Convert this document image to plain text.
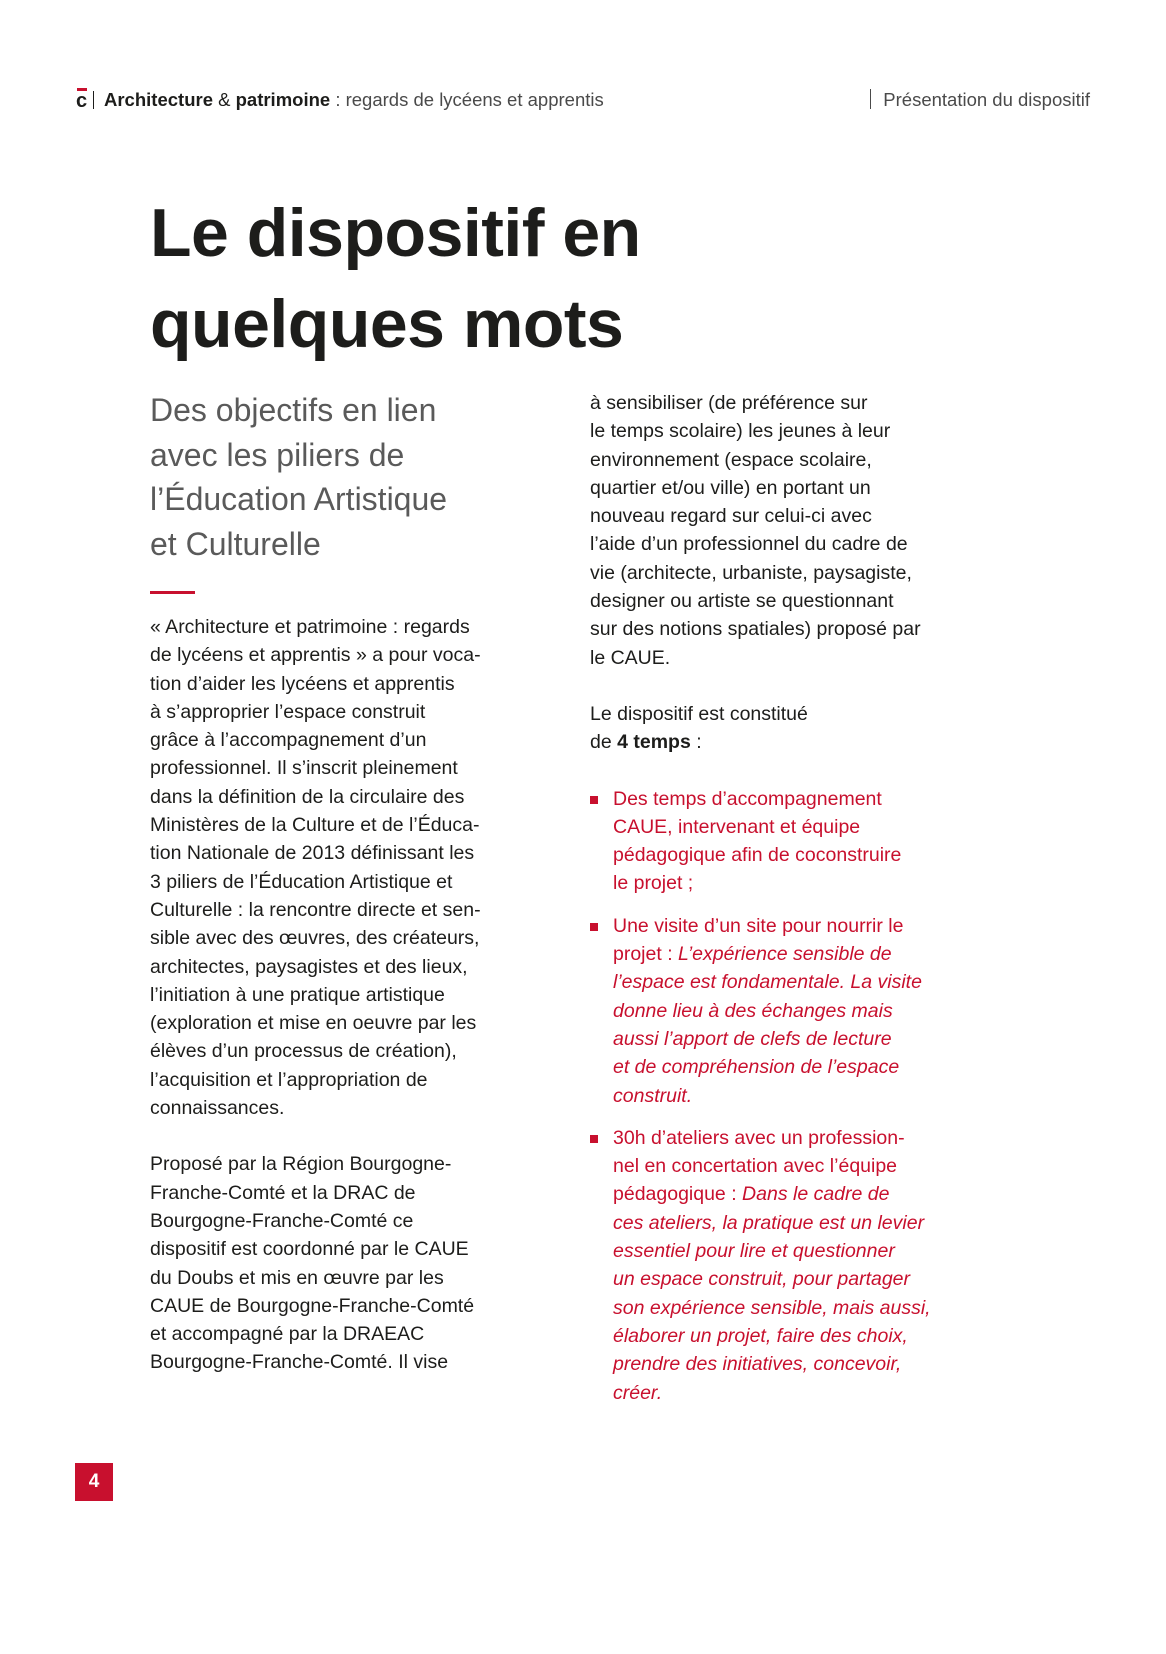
c Architecture & patrimoine : regards de lycéens et apprentis	Présentation du dispositif
Le dispositif en
quelques mots
Des objectifs en lien
avec les piliers de
l’Éducation Artistique
et Culturelle

« Architecture et patrimoine : regards
de lycéens et apprentis » a pour voca-
tion d’aider les lycéens et apprentis
à s’approprier l’espace construit
grâce à l’accompagnement d’un
professionnel. Il s’inscrit pleinement
dans la définition de la circulaire des
Ministères de la Culture et de l’Éduca-
tion Nationale de 2013 définissant les
3 piliers de l’Éducation Artistique et
Culturelle : la rencontre directe et sen-
sible avec des œuvres, des créateurs,
architectes, paysagistes et des lieux,
l’initiation à une pratique artistique
(exploration et mise en oeuvre par les
élèves d’un processus de création),
l’acquisition et l’appropriation de
connaissances.

Proposé par la Région Bourgogne-
Franche-Comté et la DRAC de
Bourgogne-Franche-Comté ce
dispositif est coordonné par le CAUE
du Doubs et mis en œuvre par les
CAUE de Bourgogne-Franche-Comté
et accompagné par la DRAEAC
Bourgogne-Franche-Comté. Il vise

à sensibiliser (de préférence sur
le temps scolaire) les jeunes à leur
environnement (espace scolaire,
quartier et/ou ville) en portant un
nouveau regard sur celui-ci avec
l’aide d’un professionnel du cadre de
vie (architecte, urbaniste, paysagiste,
designer ou artiste se questionnant
sur des notions spatiales) proposé par
le CAUE.

Le dispositif est constitué
de 4 temps :

Des temps d’accompagnement
CAUE, intervenant et équipe
pédagogique afin de coconstruire
le projet ;
Une visite d’un site pour nourrir le
projet : L’expérience sensible de
l’espace est fondamentale. La visite
donne lieu à des échanges mais
aussi l’apport de clefs de lecture
et de compréhension de l’espace
construit.
30h d’ateliers avec un profession-
nel en concertation avec l’équipe
pédagogique : Dans le cadre de
ces ateliers, la pratique est un levier
essentiel pour lire et questionner
un espace construit, pour partager
son expérience sensible, mais aussi,
élaborer un projet, faire des choix,
prendre des initiatives, concevoir,
créer.
4
